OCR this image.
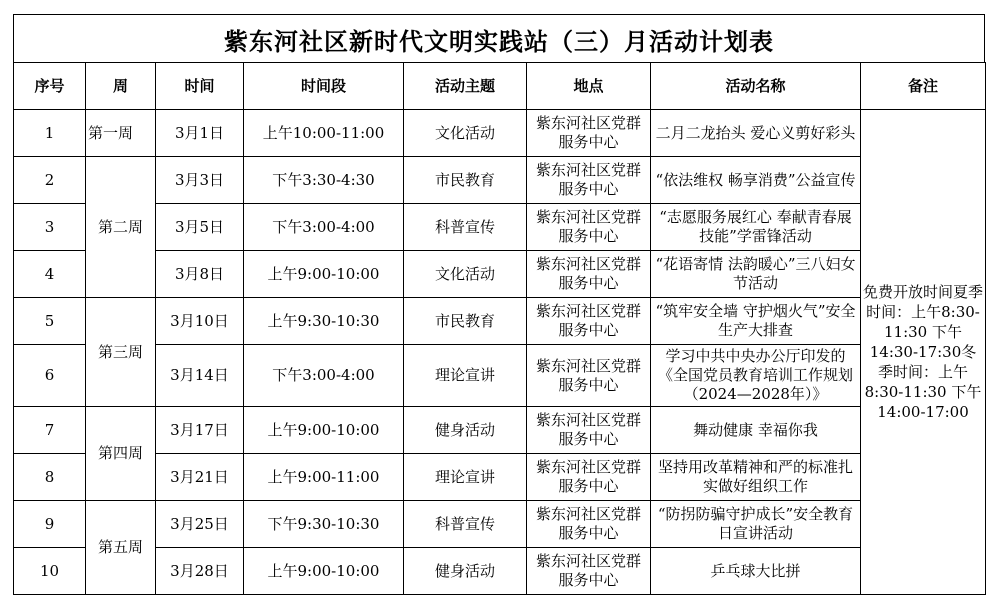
紫东河社区新时代文明实践站（三）月活动计划表
序号	周	时间	时间段	活动主题	地点	活动名称	备注
1	第一周	3月1日	上午10:00-11:00	文化活动	紫东河社区党群服务中心	二月二龙抬头 爱心义剪好彩头	免费开放时间夏季时间：上午8:30-11:30 下午14:30-17:30冬季时间：上午8:30-11:30 下午14:00-17:00
2	第二周	3月3日	下午3:30-4:30	市民教育	紫东河社区党群服务中心	“依法维权 畅享消费”公益宣传	
3		3月5日	下午3:00-4:00	科普宣传	紫东河社区党群服务中心	“志愿服务展红心 奉献青春展技能”学雷锋活动	
4		3月8日	上午9:00-10:00	文化活动	紫东河社区党群服务中心	“花语寄情 法韵暖心”三八妇女节活动	
5	第三周	3月10日	上午9:30-10:30	市民教育	紫东河社区党群服务中心	“筑牢安全墙 守护烟火气”安全生产大排查	
6		3月14日	下午3:00-4:00	理论宣讲	紫东河社区党群服务中心	学习中共中央办公厅印发的《全国党员教育培训工作规划（2024—2028年）》	
7	第四周	3月17日	上午9:00-10:00	健身活动	紫东河社区党群服务中心	舞动健康 幸福你我	
8		3月21日	上午9:00-11:00	理论宣讲	紫东河社区党群服务中心	坚持用改革精神和严的标准扎实做好组织工作	
9	第五周	3月25日	下午9:30-10:30	科普宣传	紫东河社区党群服务中心	“防拐防骗守护成长”安全教育日宣讲活动	
10		3月28日	上午9:00-10:00	健身活动	紫东河社区党群服务中心	乒乓球大比拼	
